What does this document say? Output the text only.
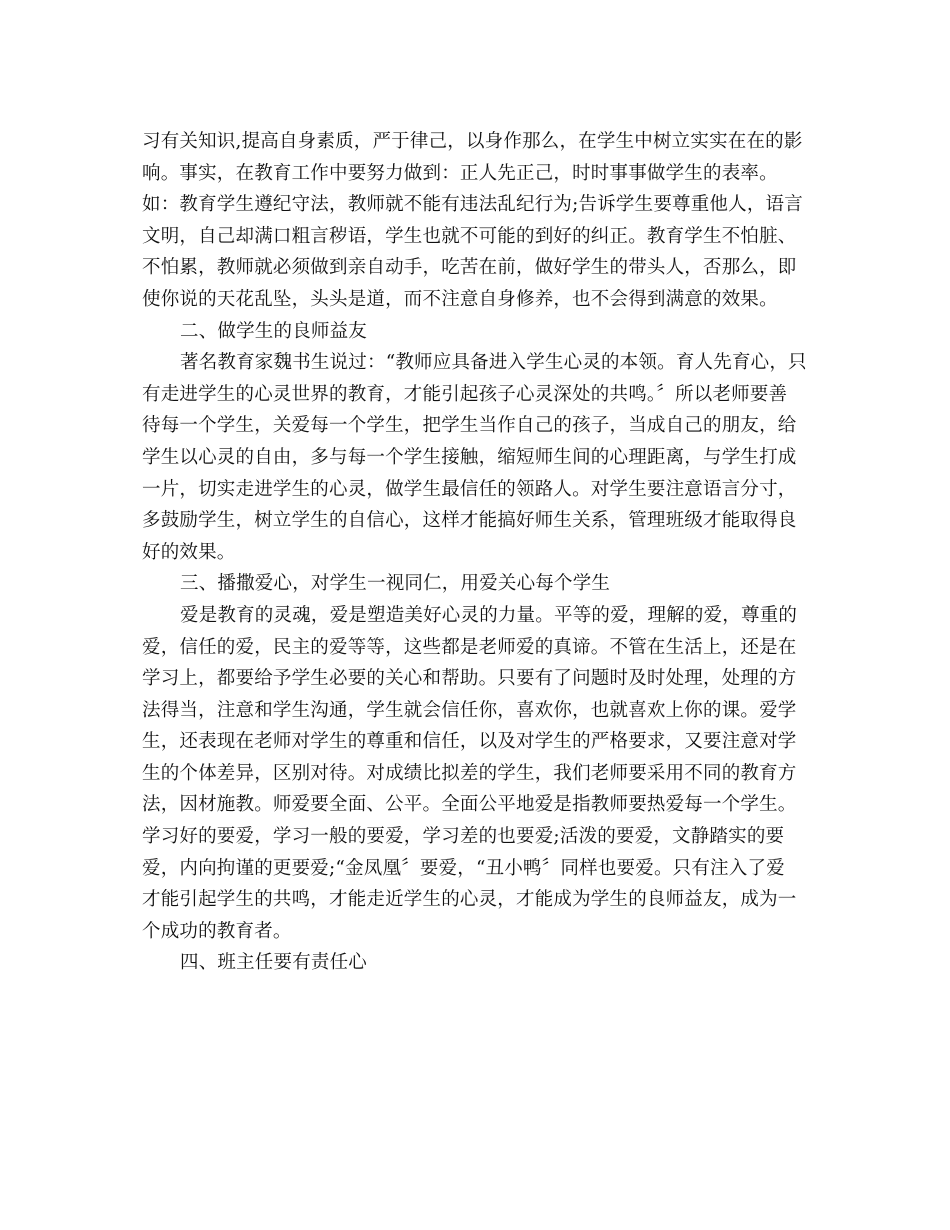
习有关知识,提高自身素质，严于律己，以身作那么，在学生中树立实实在在的影
响。事实，在教育工作中要努力做到：正人先正己，时时事事做学生的表率。
如：教育学生遵纪守法，教师就不能有违法乱纪行为;告诉学生要尊重他人，语言
文明，自己却满口粗言秽语，学生也就不可能的到好的纠正。教育学生不怕脏、
不怕累，教师就必须做到亲自动手，吃苦在前，做好学生的带头人，否那么，即
使你说的天花乱坠，头头是道，而不注意自身修养，也不会得到满意的效果。
二、做学生的良师益友
著名教育家魏书生说过：“教师应具备进入学生心灵的本领。育人先育心，只
有走进学生的心灵世界的教育，才能引起孩子心灵深处的共鸣。〞所以老师要善
待每一个学生，关爱每一个学生，把学生当作自己的孩子，当成自己的朋友，给
学生以心灵的自由，多与每一个学生接触，缩短师生间的心理距离，与学生打成
一片，切实走进学生的心灵，做学生最信任的领路人。对学生要注意语言分寸，
多鼓励学生，树立学生的自信心，这样才能搞好师生关系，管理班级才能取得良
好的效果。
三、播撒爱心，对学生一视同仁，用爱关心每个学生
爱是教育的灵魂，爱是塑造美好心灵的力量。平等的爱，理解的爱，尊重的
爱，信任的爱，民主的爱等等，这些都是老师爱的真谛。不管在生活上，还是在
学习上，都要给予学生必要的关心和帮助。只要有了问题时及时处理，处理的方
法得当，注意和学生沟通，学生就会信任你，喜欢你，也就喜欢上你的课。爱学
生，还表现在老师对学生的尊重和信任，以及对学生的严格要求，又要注意对学
生的个体差异，区别对待。对成绩比拟差的学生，我们老师要采用不同的教育方
法，因材施教。师爱要全面、公平。全面公平地爱是指教师要热爱每一个学生。
学习好的要爱，学习一般的要爱，学习差的也要爱;活泼的要爱，文静踏实的要
爱，内向拘谨的更要爱;“金凤凰〞要爱，“丑小鸭〞同样也要爱。只有注入了爱
才能引起学生的共鸣，才能走近学生的心灵，才能成为学生的良师益友，成为一
个成功的教育者。
四、班主任要有责任心
